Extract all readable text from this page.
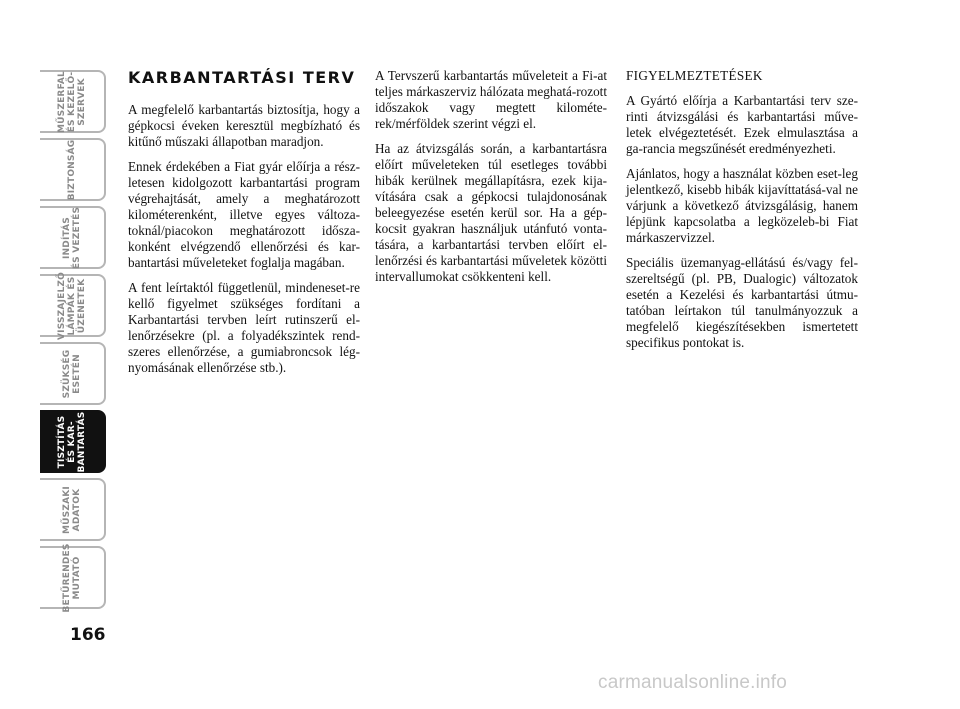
MŰSZERFAL
ÉS KEZELŐ-
SZERVEK
BIZTONSÁG
INDÍTÁS
ÉS VEZETÉS
VISSZAJELZŐ
LÁMPÁK ÉS
ÜZENETEK
SZÜKSÉG
ESETÉN
TISZTÍTÁS
ÉS KAR-
BANTARTÁS
MŰSZAKI
ADATOK
BETŰRENDES
MUTATÓ
166
KARBANTARTÁSI TERV

A megfelelő karbantartás biztosítja, hogy a gépkocsi éveken keresztül megbízható és kitűnő műszaki állapotban maradjon.

Ennek érdekében a Fiat gyár előírja a rész-letesen kidolgozott karbantartási program végrehajtását, amely a meghatározott kilométerenként, illetve egyes változa-toknál/piacokon meghatározott idősza-konként elvégzendő ellenőrzési és kar-bantartási műveleteket foglalja magában.

A fent leírtaktól függetlenül, mindeneset-re kellő figyelmet szükséges fordítani a Karbantartási tervben leírt rutinszerű el-lenőrzésekre (pl. a folyadékszintek rend-szeres ellenőrzése, a gumiabroncsok lég-nyomásának ellenőrzése stb.).

A Tervszerű karbantartás műveleteit a Fi-at teljes márkaszerviz hálózata meghatá-rozott időszakok vagy megtett kilométe-rek/mérföldek szerint végzi el.

Ha az átvizsgálás során, a karbantartásra előírt műveleteken túl esetleges további hibák kerülnek megállapításra, ezek kija-vítására csak a gépkocsi tulajdonosának beleegyezése esetén kerül sor. Ha a gép-kocsit gyakran használjuk utánfutó vonta-tására, a karbantartási tervben előírt el-lenőrzési és karbantartási műveletek közötti intervallumokat csökkenteni kell.

FIGYELMEZTETÉSEK

A Gyártó előírja a Karbantartási terv sze-rinti átvizsgálási és karbantartási műve-letek elvégeztetését. Ezek elmulasztása a ga-rancia megszűnését eredményezheti.

Ajánlatos, hogy a használat közben eset-leg jelentkező, kisebb hibák kijavíttatásá-val ne várjunk a következő átvizsgálásig, hanem lépjünk kapcsolatba a legközeleb-bi Fiat márkaszervizzel.

Speciális üzemanyag-ellátású és/vagy fel-szereltségű (pl. PB, Dualogic) változatok esetén a Kezelési és karbantartási útmu-tatóban leírtakon túl tanulmányozzuk a megfelelő kiegészítésekben ismertetett specifikus pontokat is.

carmanualsonline.info
